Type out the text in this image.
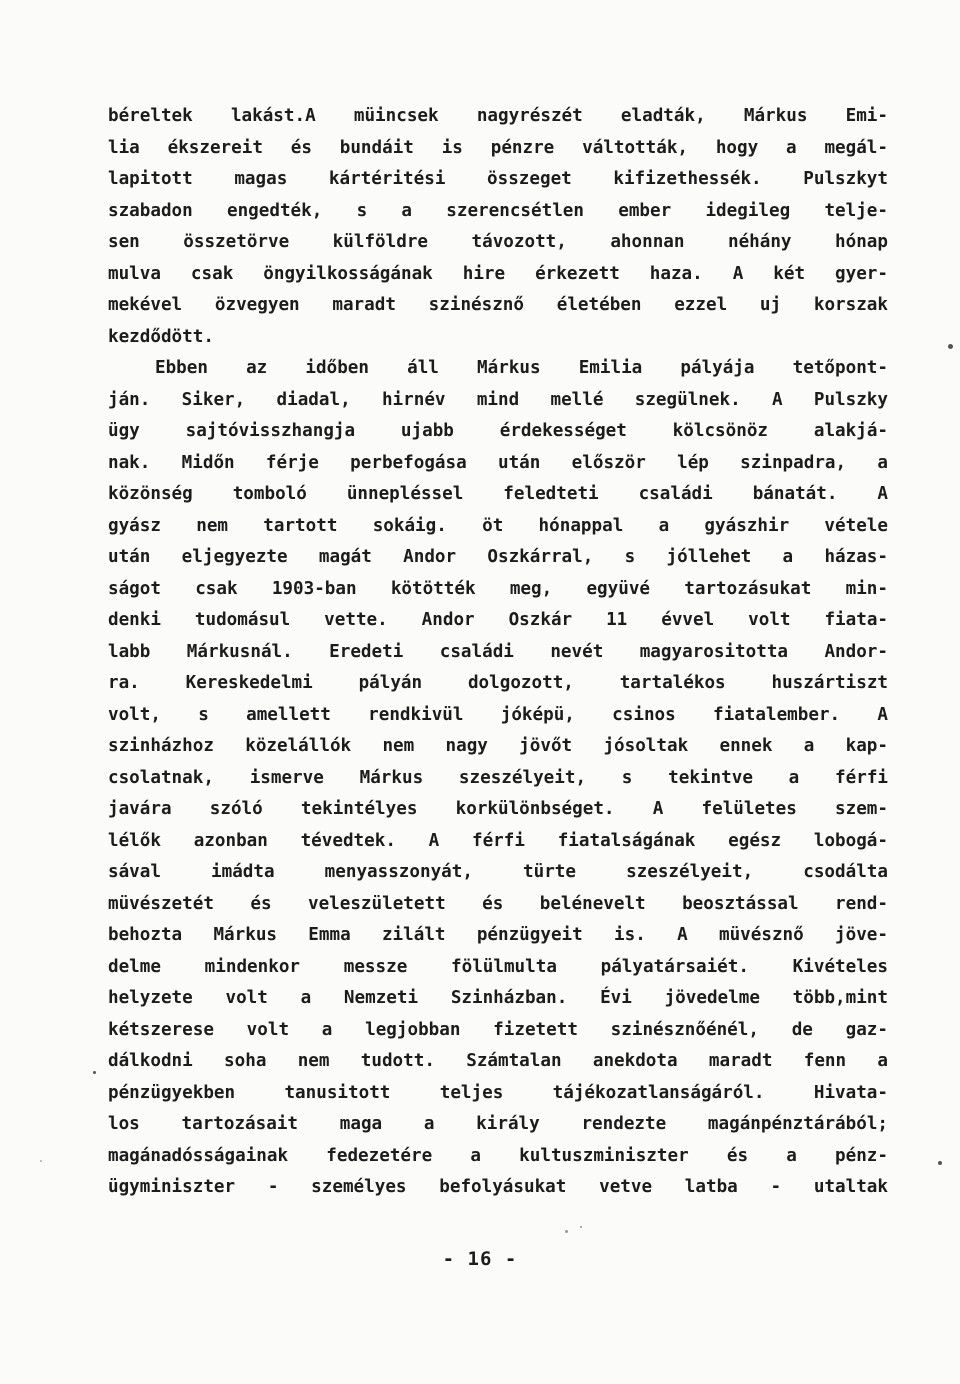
béreltek lakást.A müincsek nagyrészét eladták, Márkus Emi-
lia ékszereit és bundáit is pénzre váltották, hogy a megál-
lapitott magas kártéritési összeget kifizethessék. Pulszkyt
szabadon engedték, s a szerencsétlen ember idegileg telje-
sen összetörve külföldre távozott, ahonnan néhány hónap
mulva csak öngyilkosságának hire érkezett haza. A két gyer-
mekével özvegyen maradt szinésznő életében ezzel uj korszak
kezdődött.
Ebben az időben áll Márkus Emilia pályája tetőpont-
ján. Siker, diadal, hirnév mind mellé szegülnek. A Pulszky
ügy sajtóvisszhangja ujabb érdekességet kölcsönöz alakjá-
nak. Midőn férje perbefogása után először lép szinpadra, a
közönség tomboló ünnepléssel feledteti családi bánatát. A
gyász nem tartott sokáig. öt hónappal a gyászhir vétele
után eljegyezte magát Andor Oszkárral, s jóllehet a házas-
ságot csak 1903-ban kötötték meg, együvé tartozásukat min-
denki tudomásul vette. Andor Oszkár 11 évvel volt fiata-
labb Márkusnál. Eredeti családi nevét magyarositotta Andor-
ra. Kereskedelmi pályán dolgozott, tartalékos huszártiszt
volt, s amellett rendkivül jóképü, csinos fiatalember. A
szinházhoz közelállók nem nagy jövőt jósoltak ennek a kap-
csolatnak, ismerve Márkus szeszélyeit, s tekintve a férfi
javára szóló tekintélyes korkülönbséget. A felületes szem-
lélők azonban tévedtek. A férfi fiatalságának egész lobogá-
sával imádta menyasszonyát, türte szeszélyeit, csodálta
müvészetét és veleszületett és belénevelt beosztással rend-
behozta Márkus Emma zilált pénzügyeit is. A müvésznő jöve-
delme mindenkor messze fölülmulta pályatársaiét. Kivételes
helyzete volt a Nemzeti Szinházban. Évi jövedelme több,mint
kétszerese volt a legjobban fizetett szinésznőénél, de gaz-
dálkodni soha nem tudott. Számtalan anekdota maradt fenn a
pénzügyekben tanusitott teljes tájékozatlanságáról. Hivata-
los tartozásait maga a király rendezte magánpénztárából;
magánadósságainak fedezetére a kultuszminiszter és a pénz-
ügyminiszter - személyes befolyásukat vetve latba - utaltak
- 16 -
